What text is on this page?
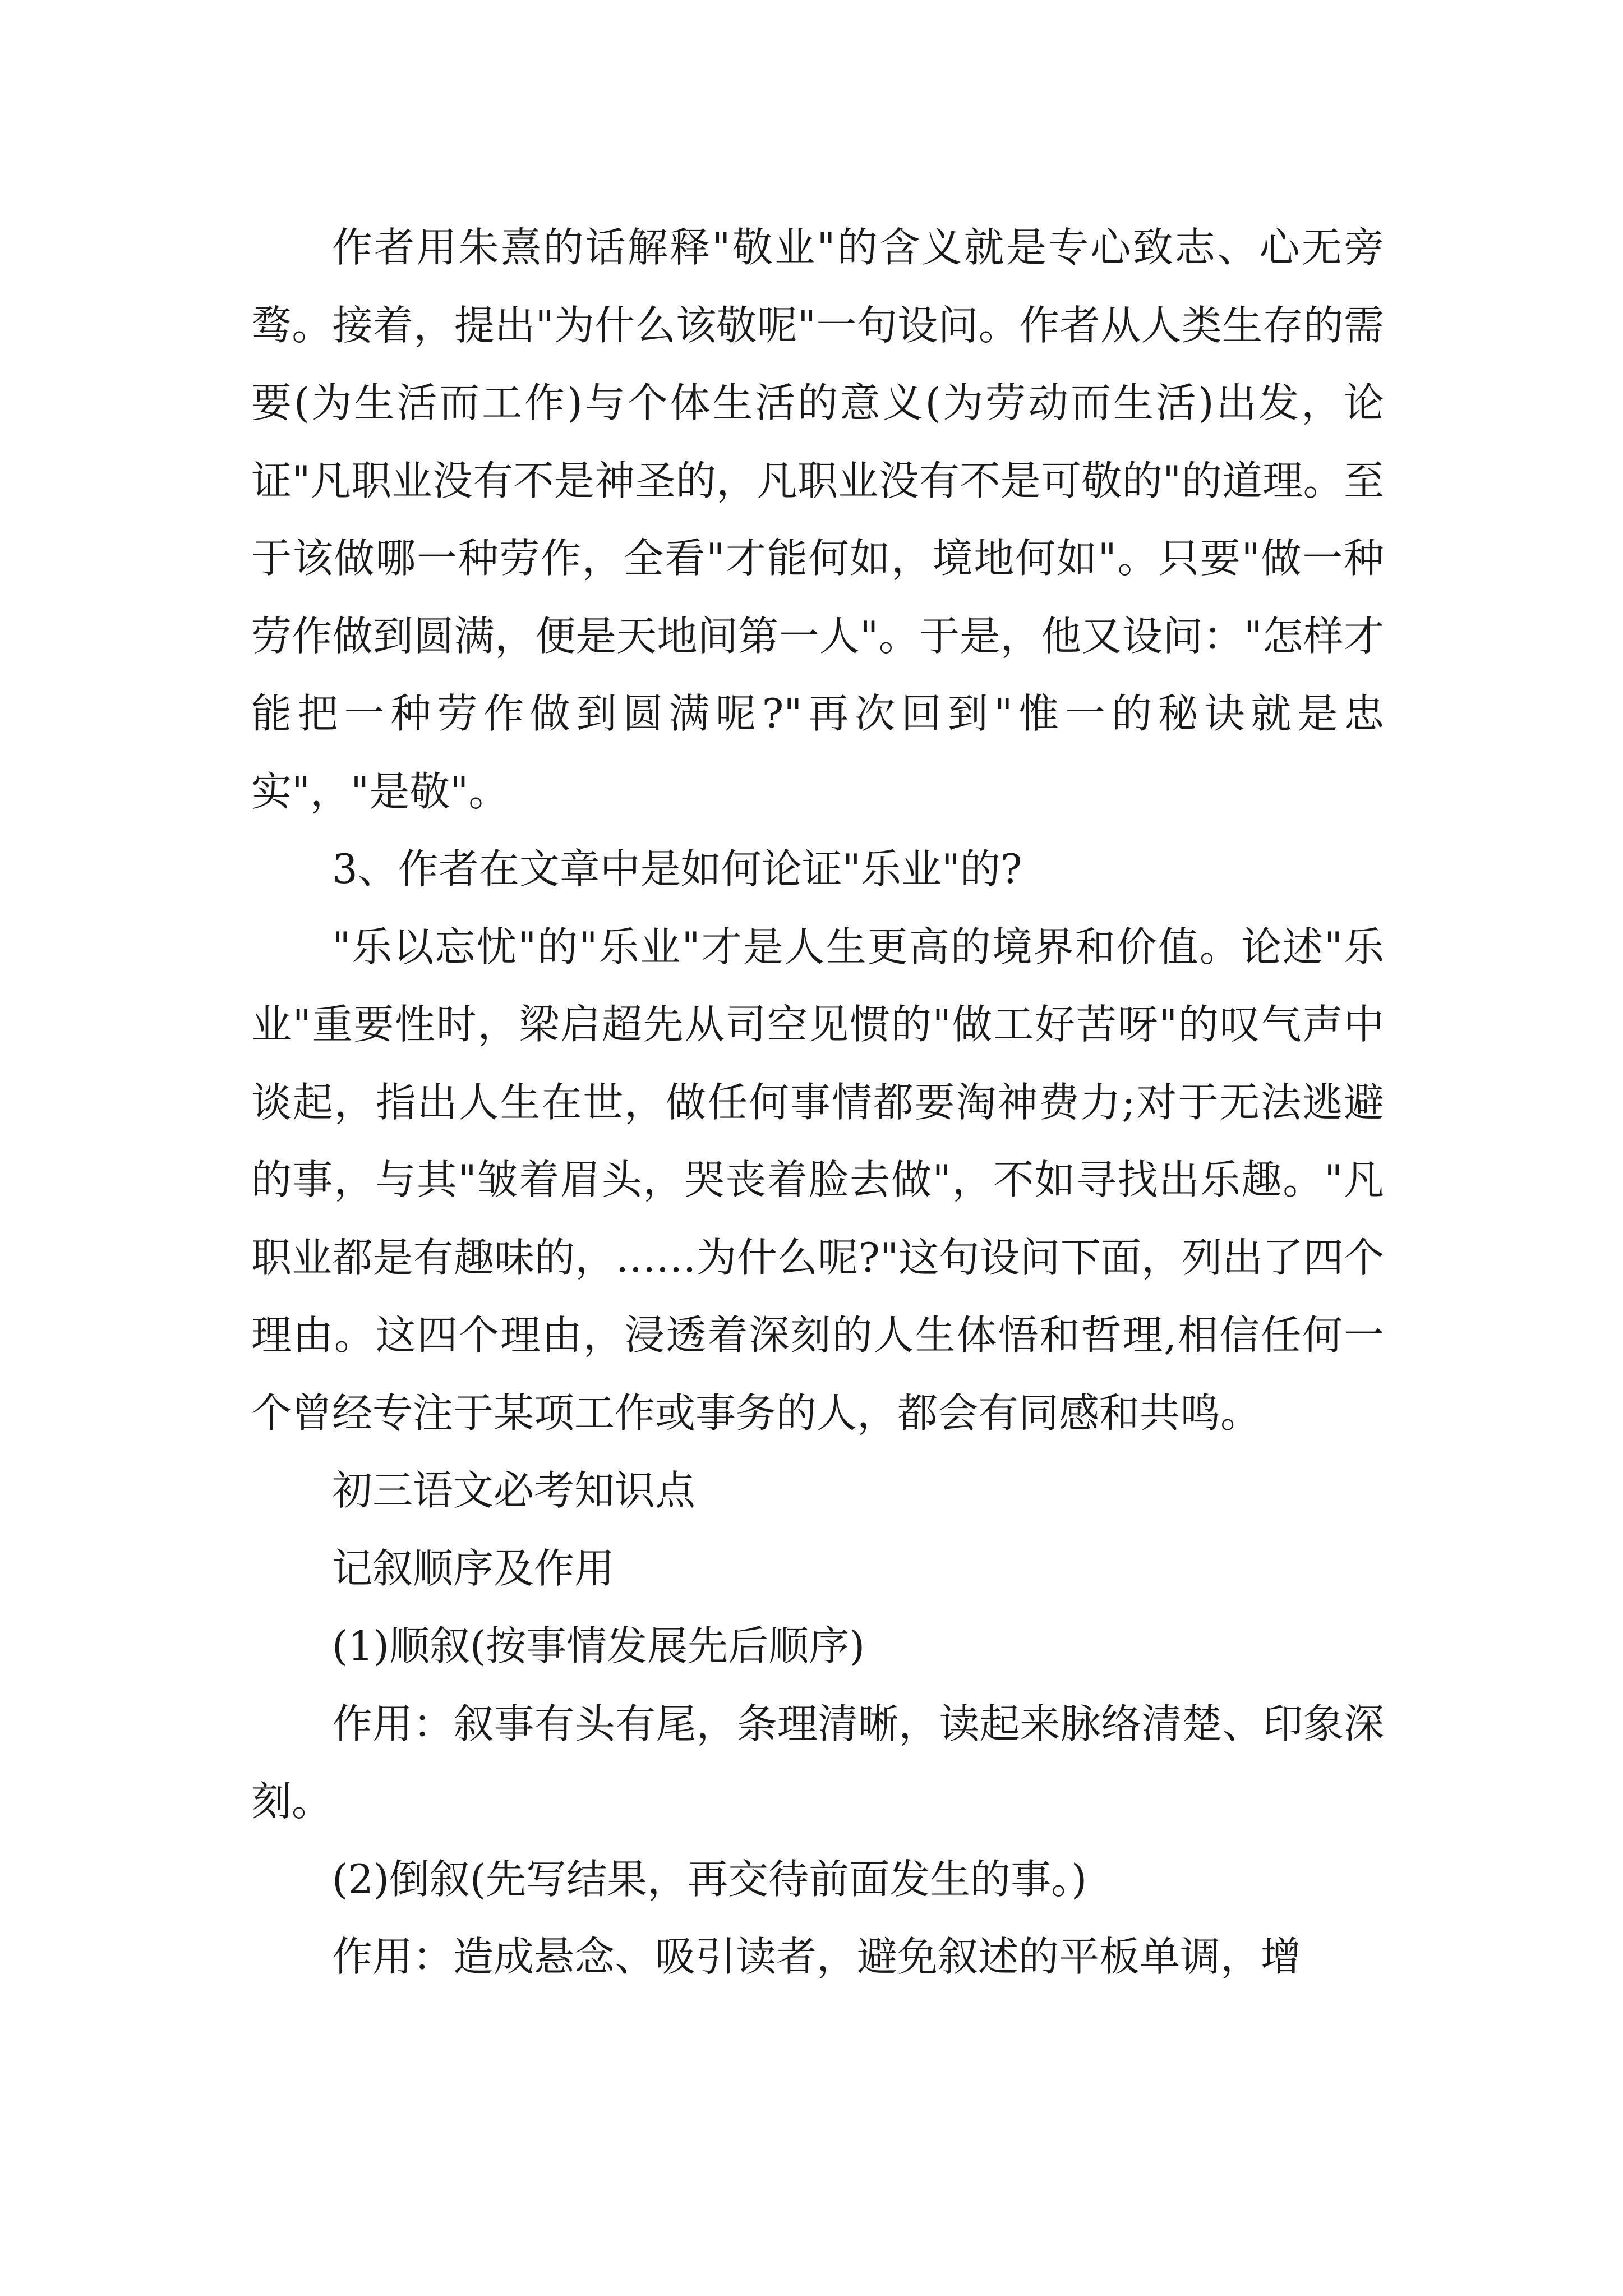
作者用朱熹的话解释"敬业"的含义就是专心致志、心无旁骛。接着，提出"为什么该敬呢"一句设问。作者从人类生存的需要(为生活而工作)与个体生活的意义(为劳动而生活)出发，论证"凡职业没有不是神圣的，凡职业没有不是可敬的"的道理。至于该做哪一种劳作，全看"才能何如，境地何如"。只要"做一种劳作做到圆满，便是天地间第一人"。于是，他又设问："怎样才能把一种劳作做到圆满呢?"再次回到"惟一的秘诀就是忠实"，"是敬"。

3、作者在文章中是如何论证"乐业"的?

"乐以忘忧"的"乐业"才是人生更高的境界和价值。论述"乐业"重要性时，梁启超先从司空见惯的"做工好苦呀"的叹气声中谈起，指出人生在世，做任何事情都要淘神费力;对于无法逃避的事，与其"皱着眉头，哭丧着脸去做"，不如寻找出乐趣。"凡职业都是有趣味的，……为什么呢?"这句设问下面，列出了四个理由。这四个理由，浸透着深刻的人生体悟和哲理,相信任何一个曾经专注于某项工作或事务的人，都会有同感和共鸣。

初三语文必考知识点

记叙顺序及作用

(1)顺叙(按事情发展先后顺序)

作用：叙事有头有尾，条理清晰，读起来脉络清楚、印象深刻。

(2)倒叙(先写结果，再交待前面发生的事。)

作用：造成悬念、吸引读者，避免叙述的平板单调，增
